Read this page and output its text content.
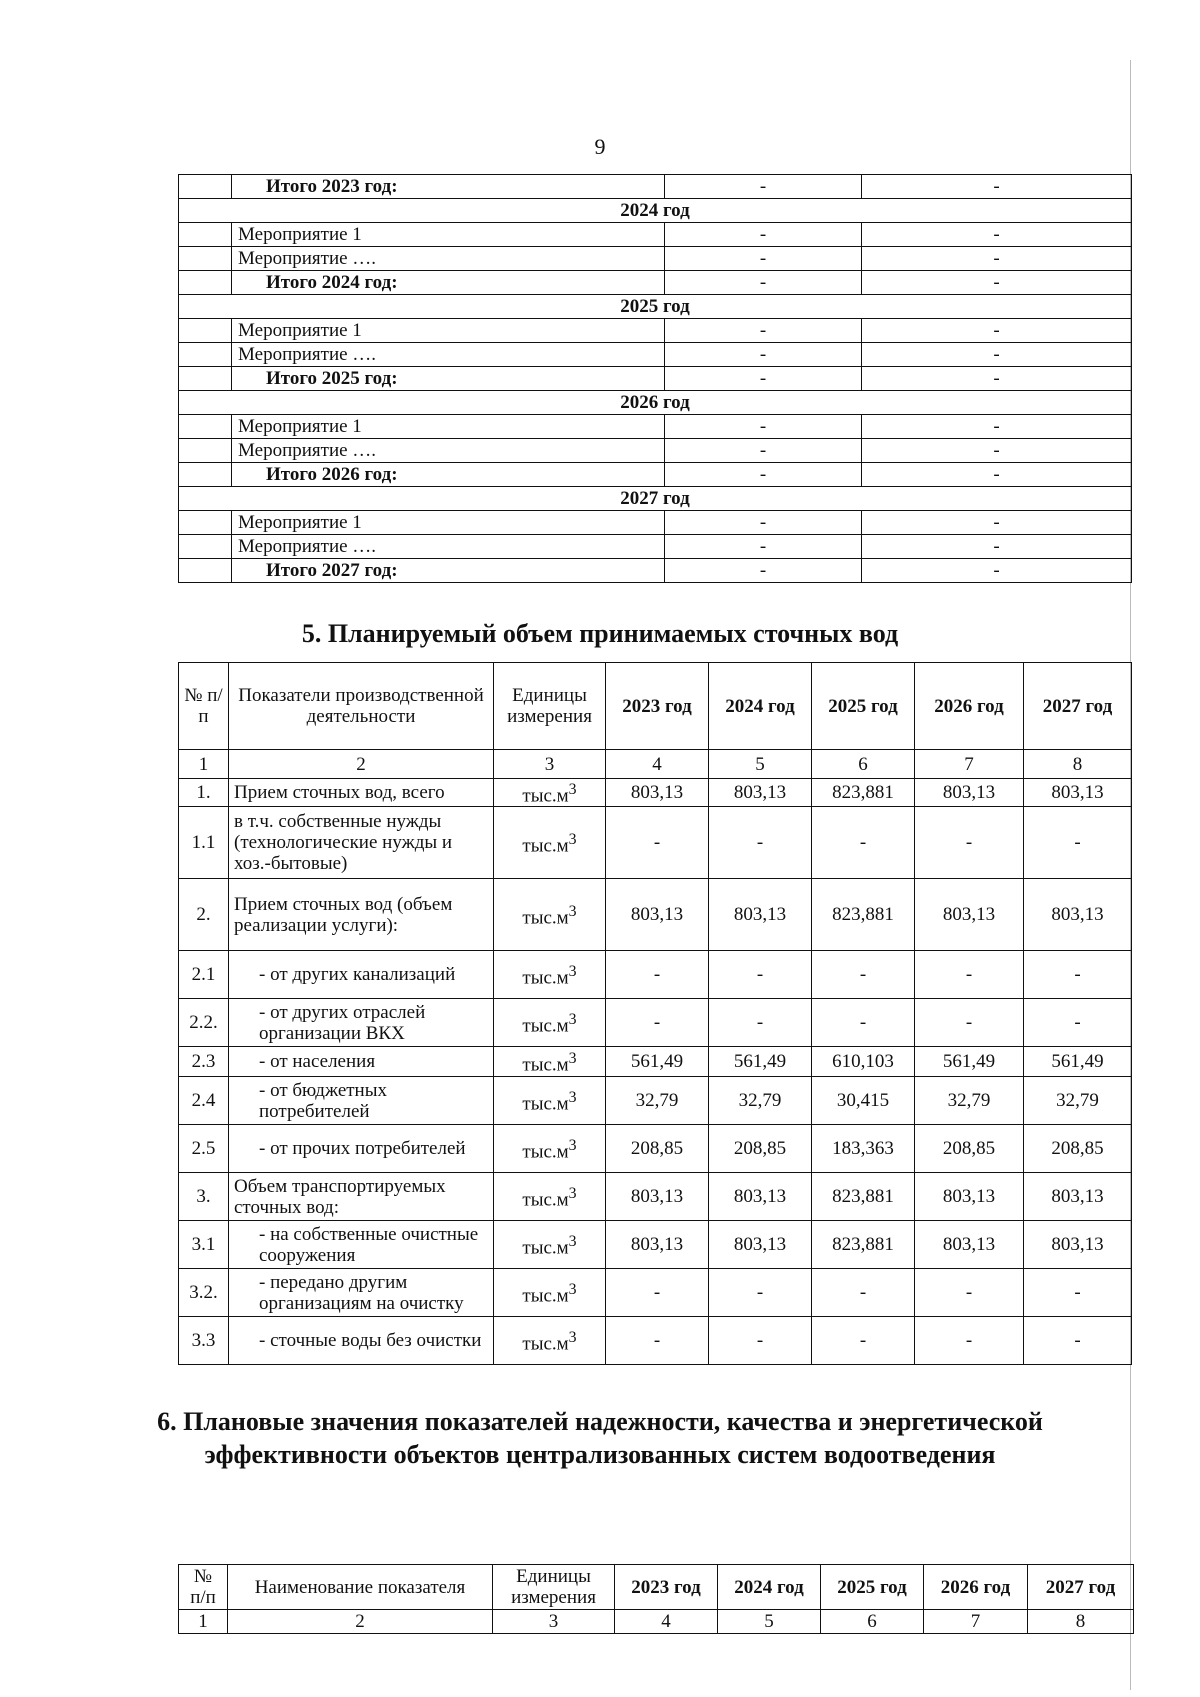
9
	Итого 2023 год:	-	-
2024 год			
	Мероприятие 1	-	-
	Мероприятие ….	-	-
	Итого 2024 год:	-	-
2025 год			
	Мероприятие 1	-	-
	Мероприятие ….	-	-
	Итого 2025 год:	-	-
2026 год			
	Мероприятие 1	-	-
	Мероприятие ….	-	-
	Итого 2026 год:	-	-
2027 год			
	Мероприятие 1	-	-
	Мероприятие ….	-	-
	Итого 2027 год:	-	-
5. Планируемый объем принимаемых сточных вод
№ п/п	Показатели производственной деятельности	Единицы измерения	2023 год	2024 год	2025 год	2026 год	2027 год
1	2	3	4	5	6	7	8
1.	Прием сточных вод, всего	$тыс.м^3$	803,13	803,13	823,881	803,13	803,13
1.1	в т.ч. собственные нужды (технологические нужды и хоз.-бытовые)	$тыс.м^3$	-	-	-	-	-
2.	Прием сточных вод (объем реализации услуги):	$тыс.м^3$	803,13	803,13	823,881	803,13	803,13
2.1	- от других канализаций	$тыс.м^3$	-	-	-	-	-
2.2.	- от других отраслей организации ВКХ	$тыс.м^3$	-	-	-	-	-
2.3	- от населения	$тыс.м^3$	561,49	561,49	610,103	561,49	561,49
2.4	- от бюджетных потребителей	$тыс.м^3$	32,79	32,79	30,415	32,79	32,79
2.5	- от прочих потребителей	$тыс.м^3$	208,85	208,85	183,363	208,85	208,85
3.	Объем транспортируемых сточных вод:	$тыс.м^3$	803,13	803,13	823,881	803,13	803,13
3.1	- на собственные очистные сооружения	$тыс.м^3$	803,13	803,13	823,881	803,13	803,13
3.2.	- передано другим организациям на очистку	$тыс.м^3$	-	-	-	-	-
3.3	- сточные воды без очистки	$тыс.м^3$	-	-	-	-	-
6. Плановые значения показателей надежности, качества и энергетической эффективности объектов централизованных систем водоотведения
№ п/п	Наименование показателя	Единицы измерения	2023 год	2024 год	2025 год	2026 год	2027 год
1	2	3	4	5	6	7	8
